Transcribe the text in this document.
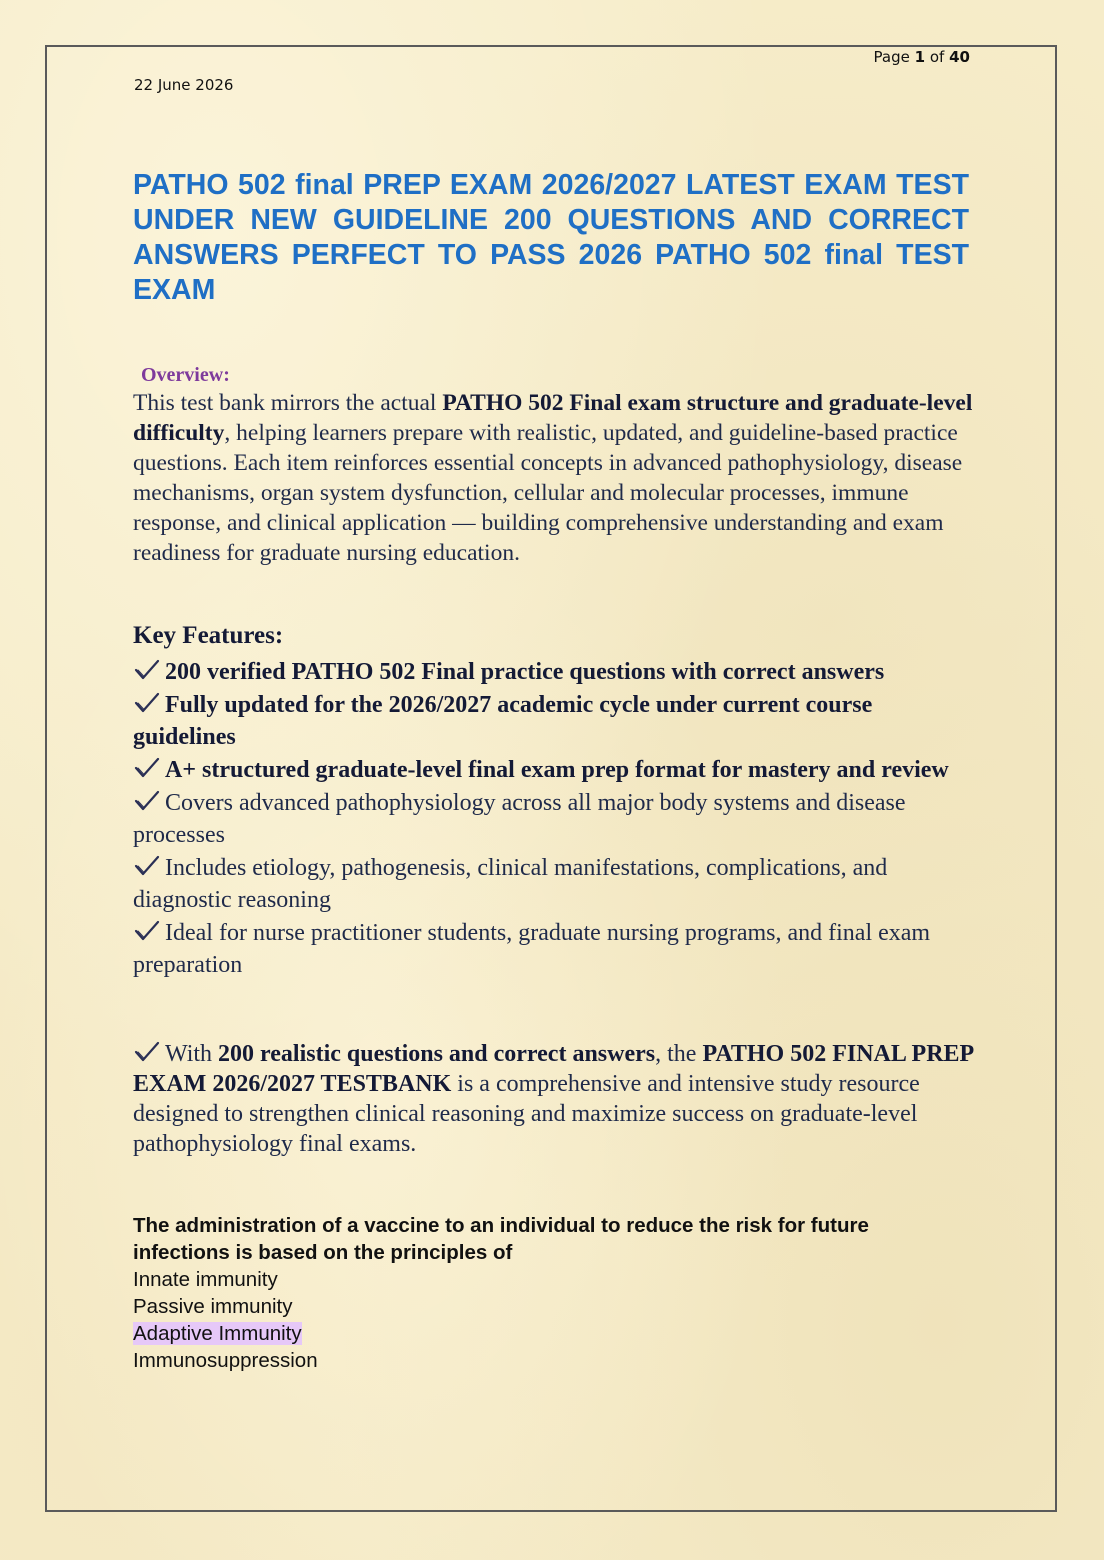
Page 1 of 40
22 June 2026
PATHO 502 final PREP EXAM 2026/2027 LATEST EXAM TEST UNDER NEW GUIDELINE 200 QUESTIONS AND CORRECT ANSWERS PERFECT TO PASS 2026 PATHO 502 final TEST EXAM
Overview:

This test bank mirrors the actual PATHO 502 Final exam structure and graduate-level difficulty, helping learners prepare with realistic, updated, and guideline-based practice questions. Each item reinforces essential concepts in advanced pathophysiology, disease mechanisms, organ system dysfunction, cellular and molecular processes, immune response, and clinical application — building comprehensive understanding and exam readiness for graduate nursing education.

Key Features:
200 verified PATHO 502 Final practice questions with correct answers
Fully updated for the 2026/2027 academic cycle under current course guidelines
A+ structured graduate-level final exam prep format for mastery and review
Covers advanced pathophysiology across all major body systems and disease processes
Includes etiology, pathogenesis, clinical manifestations, complications, and diagnostic reasoning
Ideal for nurse practitioner students, graduate nursing programs, and final exam preparation

With 200 realistic questions and correct answers, the PATHO 502 FINAL PREP EXAM 2026/2027 TESTBANK is a comprehensive and intensive study resource designed to strengthen clinical reasoning and maximize success on graduate-level pathophysiology final exams.

The administration of a vaccine to an individual to reduce the risk for future infections is based on the principles of

Innate immunity
Passive immunity
Adaptive Immunity
Immunosuppression
